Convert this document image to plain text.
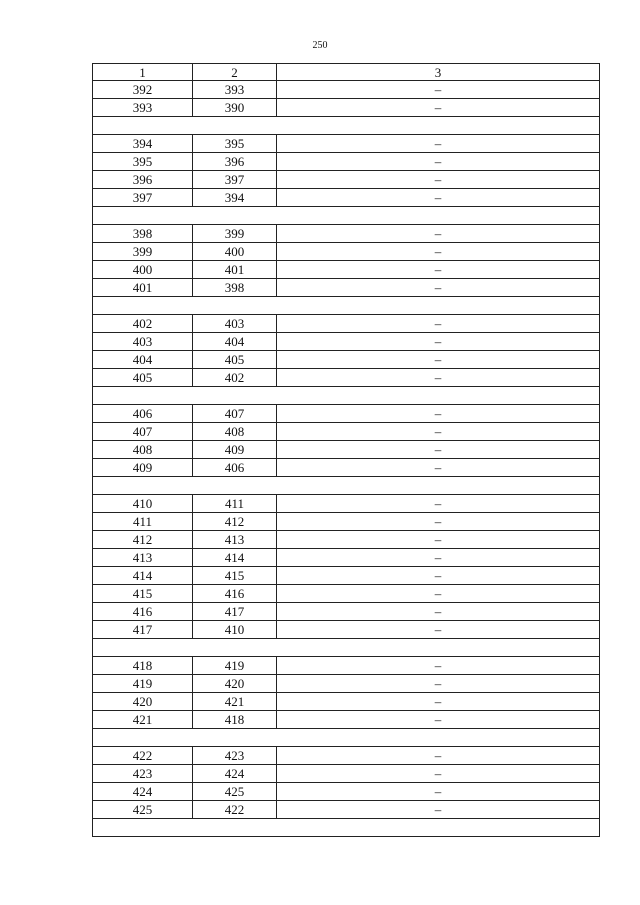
250
1	2	3
392	393	–
393	390	–
394	395	–
395	396	–
396	397	–
397	394	–
398	399	–
399	400	–
400	401	–
401	398	–
402	403	–
403	404	–
404	405	–
405	402	–
406	407	–
407	408	–
408	409	–
409	406	–
410	411	–
411	412	–
412	413	–
413	414	–
414	415	–
415	416	–
416	417	–
417	410	–
418	419	–
419	420	–
420	421	–
421	418	–
422	423	–
423	424	–
424	425	–
425	422	–
